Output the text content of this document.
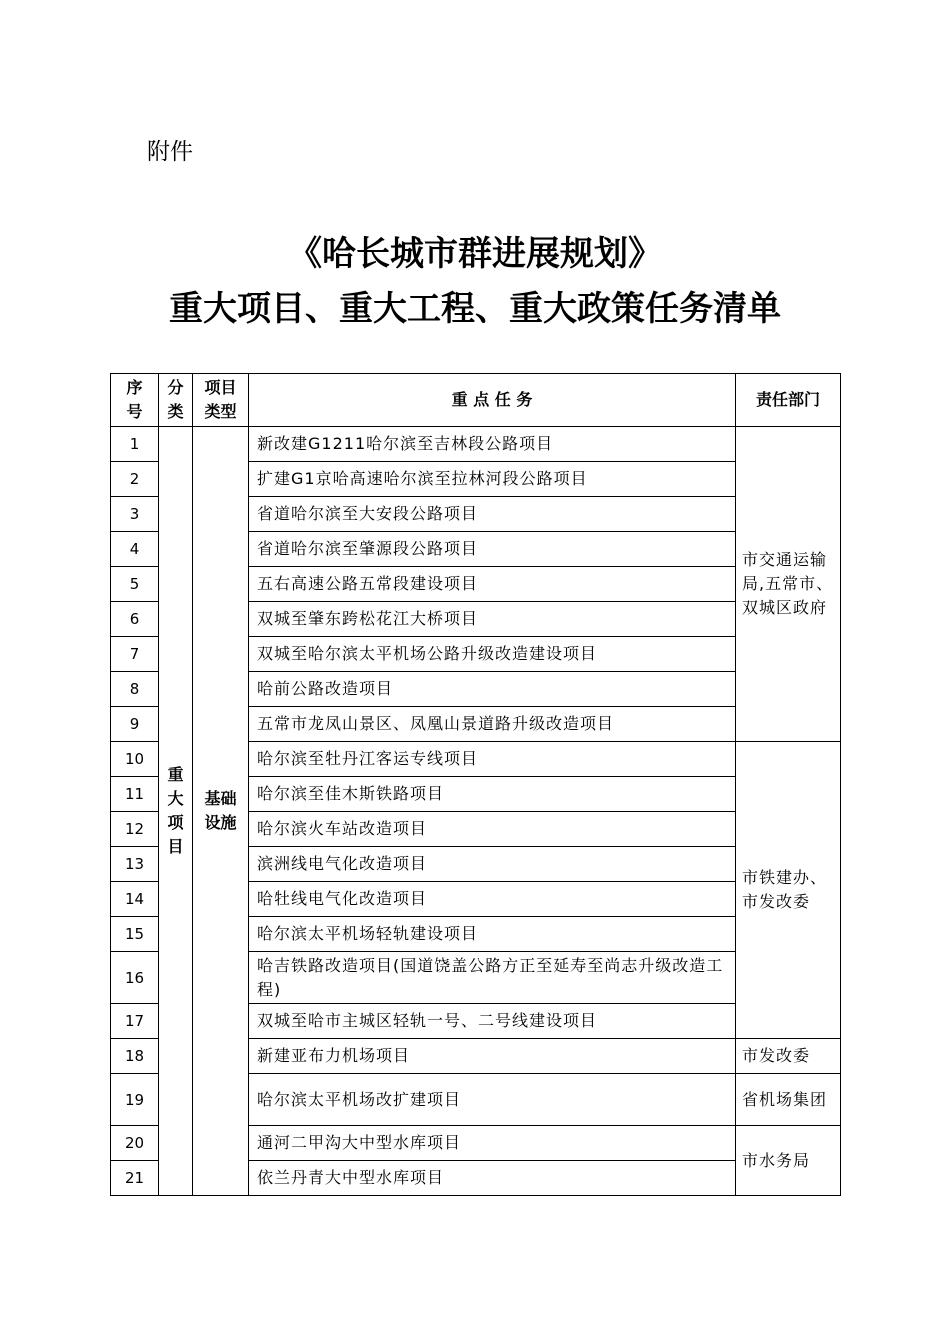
附件
《哈长城市群进展规划》
重大项目、重大工程、重大政策任务清单
序号	分类	项目类型	重 点 任 务	责任部门
1	重大项目	基础设施	新改建G1211哈尔滨至吉林段公路项目	市交通运输局,五常市、双城区政府
2			扩建G1京哈高速哈尔滨至拉林河段公路项目	
3			省道哈尔滨至大安段公路项目	
4			省道哈尔滨至肇源段公路项目	
5			五右高速公路五常段建设项目	
6			双城至肇东跨松花江大桥项目	
7			双城至哈尔滨太平机场公路升级改造建设项目	
8			哈前公路改造项目	
9			五常市龙凤山景区、凤凰山景道路升级改造项目	
10			哈尔滨至牡丹江客运专线项目	市铁建办、市发改委
11			哈尔滨至佳木斯铁路项目	
12			哈尔滨火车站改造项目	
13			滨洲线电气化改造项目	
14			哈牡线电气化改造项目	
15			哈尔滨太平机场轻轨建设项目	
16			哈吉铁路改造项目(国道饶盖公路方正至延寿至尚志升级改造工程)	
17			双城至哈市主城区轻轨一号、二号线建设项目	
18			新建亚布力机场项目	市发改委
19			哈尔滨太平机场改扩建项目	省机场集团
20			通河二甲沟大中型水库项目	市水务局
21			依兰丹青大中型水库项目	
